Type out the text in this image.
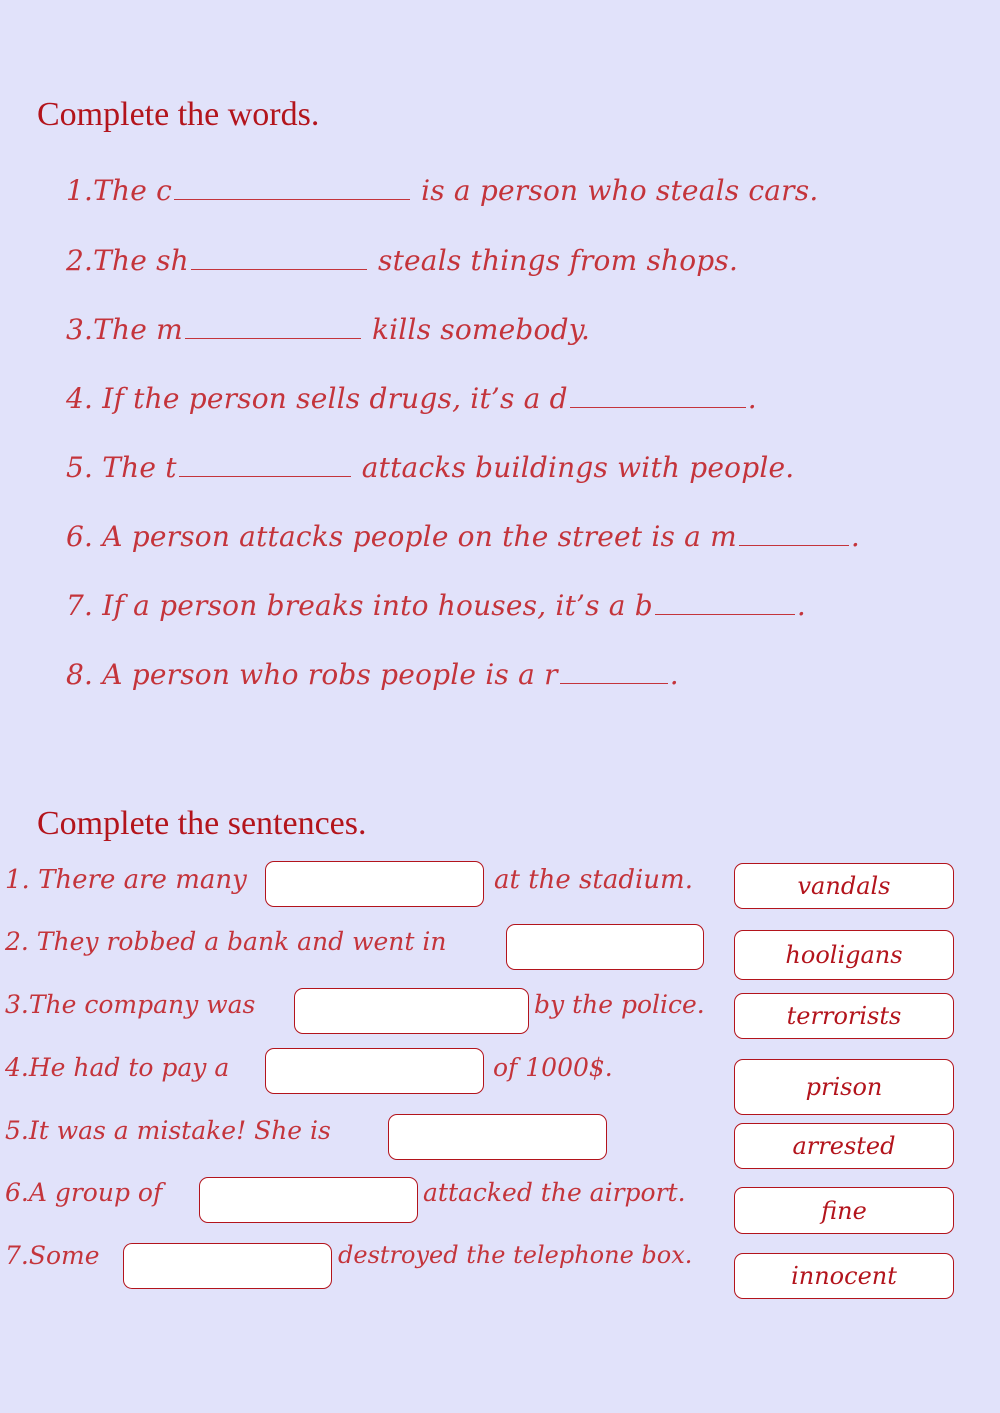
Complete the words.
1.The c	is a person who steals cars.
2.The sh	steals things from shops.
3.The m	kills somebody.
4. If the person sells drugs, it’s a d	.
5. The t	attacks buildings with people.
6. A person attacks people on the street is a m	.
7. If a person breaks into houses, it’s a b	.
8. A person who robs people is a r	.
Complete the sentences.
1. There are many	at the stadium.
2. They robbed a bank and went in
3.The company was	by the police.
4.He had to pay a	of 1000$.
5.It was a mistake! She is
6.A group of	attacked the airport.
7.Some	destroyed the telephone box.
vandals
hooligans
terrorists
prison
arrested
fine
innocent
